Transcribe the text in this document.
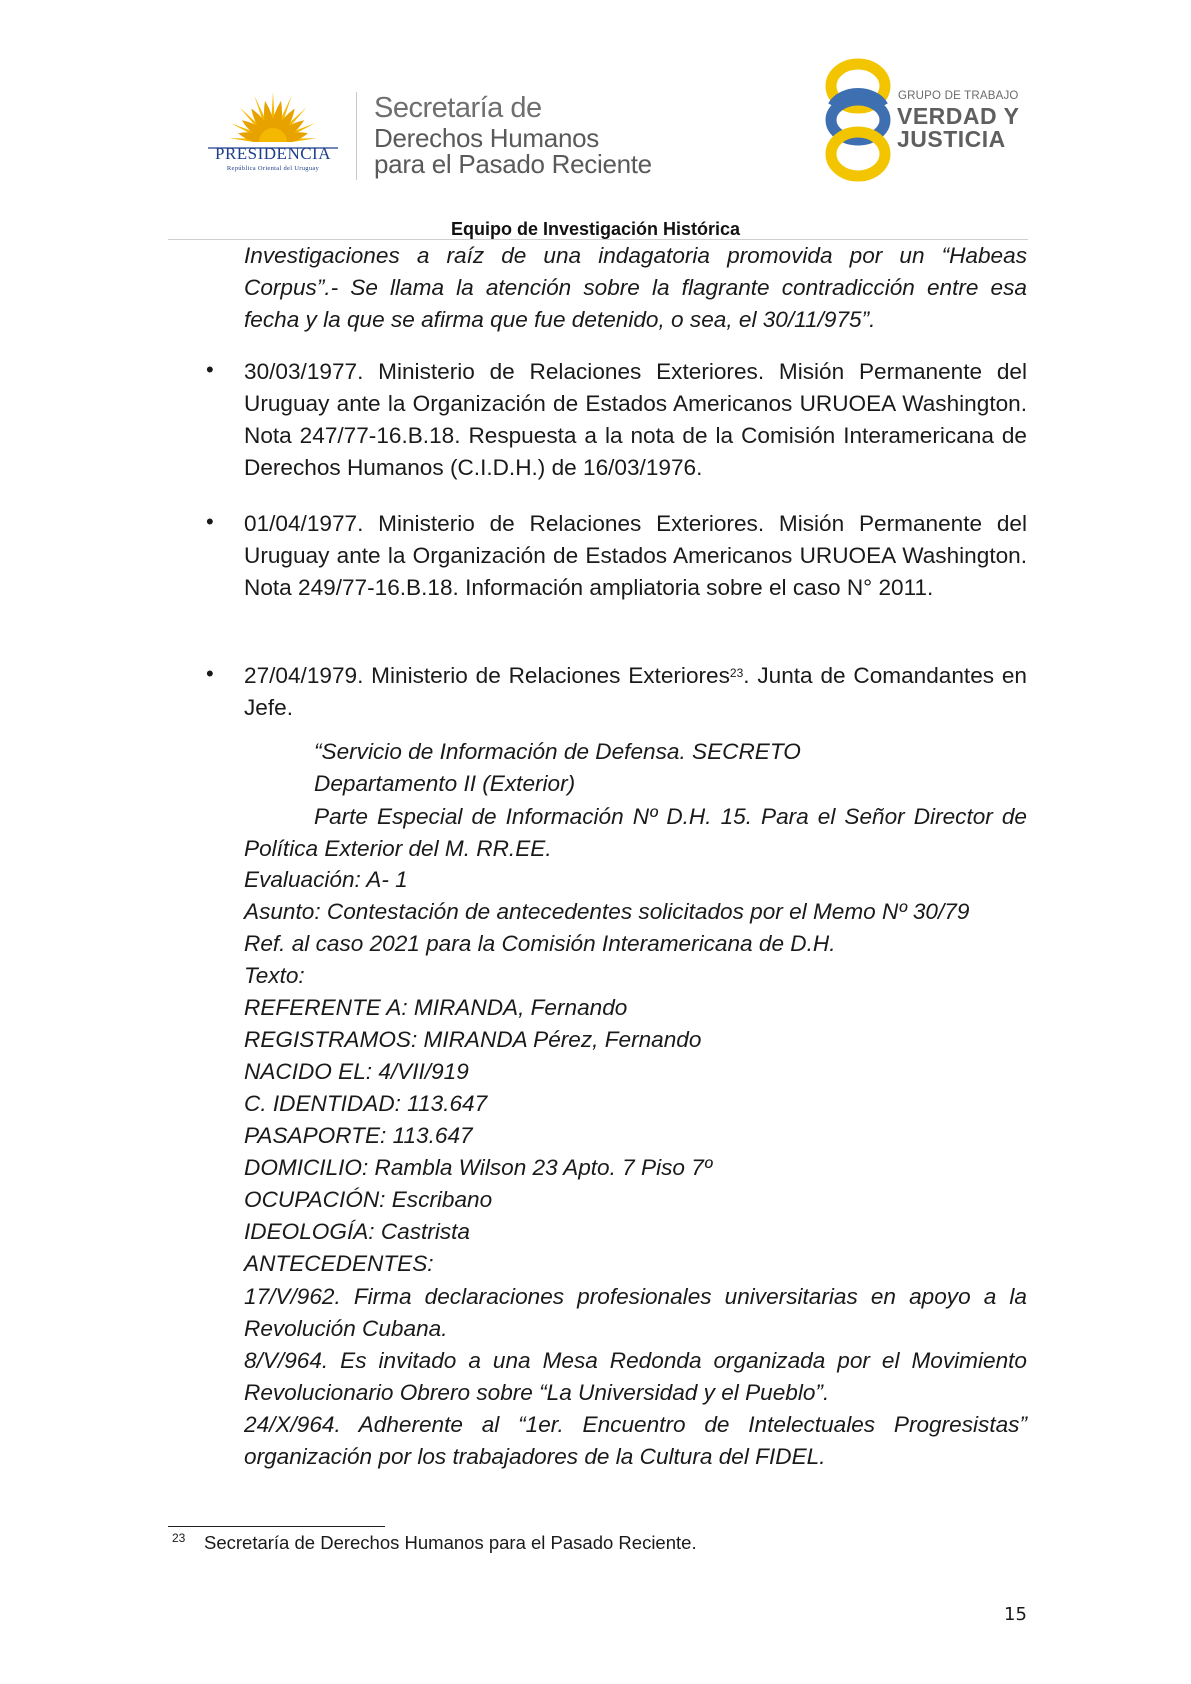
PRESIDENCIA
República Oriental del Uruguay
Secretaría de
Derechos Humanos
para el Pasado Reciente
GRUPO DE TRABAJO
VERDAD Y
JUSTICIA
Equipo de Investigación Histórica
Investigaciones a raíz de una indagatoria promovida por un “Habeas Corpus”.- Se llama la atención sobre la flagrante contradicción entre esa fecha y la que se afirma que fue detenido, o sea, el 30/11/975”.
• 30/03/1977. Ministerio de Relaciones Exteriores. Misión Permanente del Uruguay ante la Organización de Estados Americanos URUOEA Washington. Nota 247/77-16.B.18. Respuesta a la nota de la Comisión Interamericana de Derechos Humanos (C.I.D.H.) de 16/03/1976.
• 01/04/1977. Ministerio de Relaciones Exteriores. Misión Permanente del Uruguay ante la Organización de Estados Americanos URUOEA Washington. Nota 249/77-16.B.18. Información ampliatoria sobre el caso N° 2011.
• 27/04/1979. Ministerio de Relaciones Exteriores$^{23}$. Junta de Comandantes en Jefe.
“Servicio de Información de Defensa. SECRETO
Departamento II (Exterior)
Parte Especial de Información Nº D.H. 15. Para el Señor Director de Política Exterior del M. RR.EE.
Evaluación: A- 1
Asunto: Contestación de antecedentes solicitados por el Memo Nº 30/79
Ref. al caso 2021 para la Comisión Interamericana de D.H.
Texto:
REFERENTE A: MIRANDA, Fernando
REGISTRAMOS: MIRANDA Pérez, Fernando
NACIDO EL: 4/VII/919
C. IDENTIDAD: 113.647
PASAPORTE: 113.647
DOMICILIO: Rambla Wilson 23 Apto. 7 Piso 7º
OCUPACIÓN: Escribano
IDEOLOGÍA: Castrista
ANTECEDENTES:
17/V/962. Firma declaraciones profesionales universitarias en apoyo a la Revolución Cubana.
8/V/964. Es invitado a una Mesa Redonda organizada por el Movimiento Revolucionario Obrero sobre “La Universidad y el Pueblo”.
24/X/964. Adherente al “1er. Encuentro de Intelectuales Progresistas” organización por los trabajadores de la Cultura del FIDEL.
23 Secretaría de Derechos Humanos para el Pasado Reciente.
15
